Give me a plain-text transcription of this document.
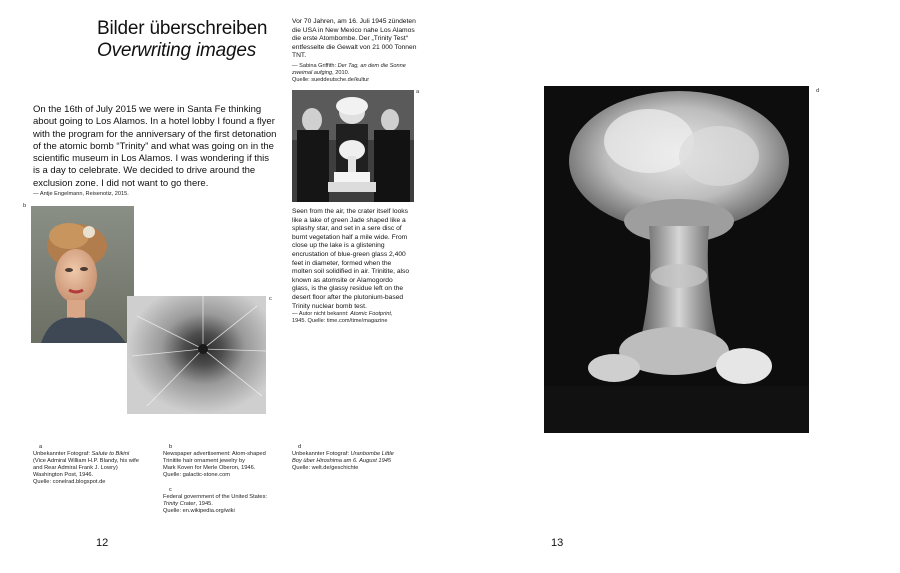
Bilder überschreiben
Overwriting images
On the 16th of July 2015 we were in Santa Fe thinking about going to Los Alamos. In a hotel lobby I found a flyer with the program for the anniversary of the first detonation of the atomic bomb “Trinity” and what was going on in the scientific museum in Los Alamos. I was wondering if this is a day to celebrate. We decided to drive around the exclusion zone. I did not want to go there.
— Antje Engelmann, Reisenotiz, 2015.
b
c
a
Unbekannter Fotograf: Salute to Bikini
(Vice Admiral William H.P. Blandy, his wife
and Rear Admiral Frank J. Lowry)
Washington Post, 1946.
Quelle: conelrad.blogspot.de
b
Newspaper advertisement: Atom-shaped
Trinitite hair ornament jewelry by
Mark Koven for Merle Oberon, 1946.
Quelle: galactic-stone.com
c
Federal government of the United States:
Trinity Crater, 1945.
Quelle: en.wikipedia.org/wiki
d
Unbekannter Fotograf: Uranbombe Little Boy über Hiroshima am 6. August 1945
Quelle: welt.de/geschichte
12
Vor 70 Jahren, am 16. Juli 1945 zündeten die USA in New Mexico nahe Los Alamos die erste Atombombe. Der „Trinity Test“ entfesselte die Gewalt von 21 000 Tonnen TNT.
— Sabina Griffith: Der Tag, an dem die Sonne zweimal aufging, 2010.
Quelle: sueddeutsche.de/kultur
a
Seen from the air, the crater itself looks like a lake of green Jade shaped like a splashy star, and set in a sere disc of burnt vegetation half a mile wide. From close up the lake is a glistening encrustation of blue-green glass 2,400 feet in diameter, formed when the molten soil solidified in air. Trinitite, also known as atomsite or Alamogordo glass, is the glassy residue left on the desert floor after the plutonium-based Trinity nuclear bomb test.
— Autor nicht bekannt: Atomic Footprint,
1945. Quelle: time.com/time/magazine
d
13
